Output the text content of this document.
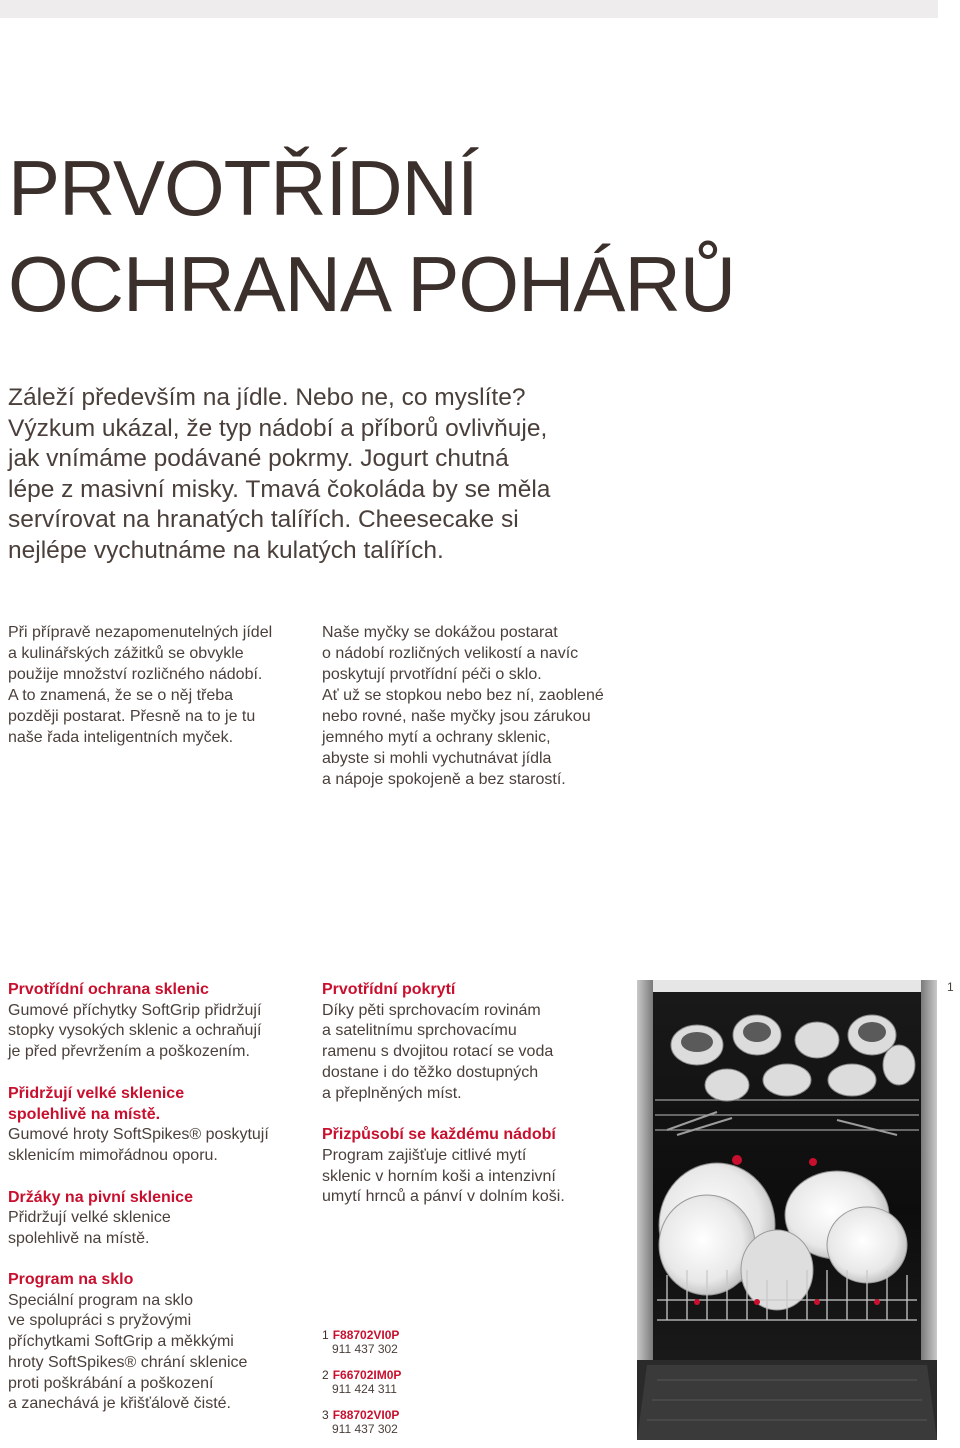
PRVOTŘÍDNÍ
OCHRANA POHÁRŮ

Záleží především na jídle. Nebo ne, co myslíte?
Výzkum ukázal, že typ nádobí a příborů ovlivňuje,
jak vnímáme podávané pokrmy. Jogurt chutná
lépe z masivní misky. Tmavá čokoláda by se měla
servírovat na hranatých talířích. Cheesecake si
nejlépe vychutnáme na kulatých talířích.

Při přípravě nezapomenutelných jídel
a kulinářských zážitků se obvykle
použije množství rozličného nádobí.
A to znamená, že se o něj třeba
později postarat. Přesně na to je tu
naše řada inteligentních myček.

Naše myčky se dokážou postarat
o nádobí rozličných velikostí a navíc
poskytují prvotřídní péči o sklo.
Ať už se stopkou nebo bez ní, zaoblené
nebo rovné, naše myčky jsou zárukou
jemného mytí a ochrany sklenic,
abyste si mohli vychutnávat jídla
a nápoje spokojeně a bez starostí.

Prvotřídní ochrana sklenic
Gumové příchytky SoftGrip přidržují
stopky vysokých sklenic a ochraňují
je před převržením a poškozením.
Přidržují velké sklenice
spolehlivě na místě.
Gumové hroty SoftSpikes® poskytují
sklenicím mimořádnou oporu.
Držáky na pivní sklenice
Přidržují velké sklenice
spolehlivě na místě.
Program na sklo
Speciální program na sklo
ve spolupráci s pryžovými
příchytkami SoftGrip a měkkými
hroty SoftSpikes® chrání sklenice
proti poškrábání a poškození
a zanechává je křišťálově čisté.
Prvotřídní pokrytí
Díky pěti sprchovacím rovinám
a satelitnímu sprchovacímu
ramenu s dvojitou rotací se voda
dostane i do těžko dostupných
a přeplněných míst.
Přizpůsobí se každému nádobí
Program zajišťuje citlivé mytí
sklenic v horním koši a intenzivní
umytí hrnců a pánví v dolním koši.
1 F88702VI0P
911 437 302
2 F66702IM0P
911 424 311
3 F88702VI0P
911 437 302
1
